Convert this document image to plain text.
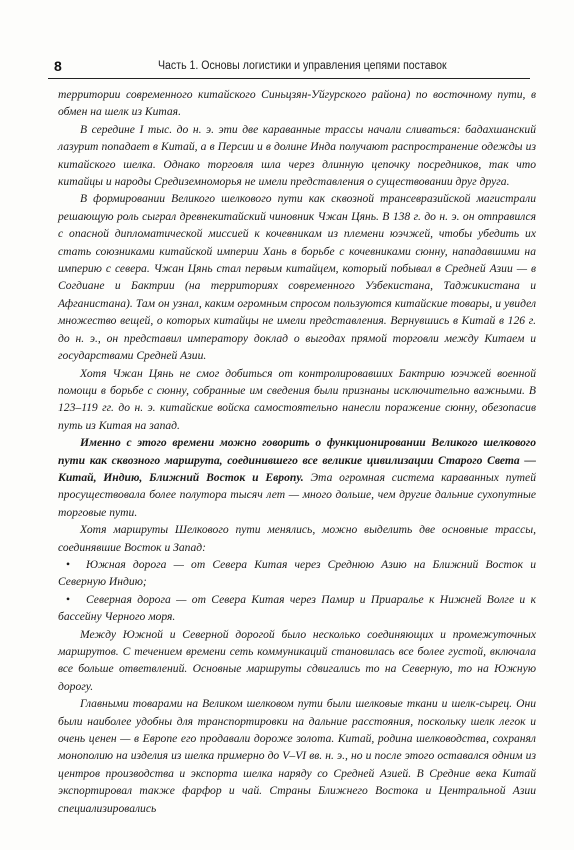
8	Часть 1. Основы логистики и управления цепями поставок

территории современного китайского Синьцзян-Уйгурского района) по восточному пути, в обмен на шелк из Китая.

В середине I тыс. до н. э. эти две караванные трассы начали сливаться: бадахшанский лазурит попадает в Китай, а в Персии и в долине Инда получают распространение одежды из китайского шелка. Однако торговля шла через длинную цепочку посредников, так что китайцы и народы Средиземноморья не имели представления о существовании друг друга.

В формировании Великого шелкового пути как сквозной трансевразийской магистрали решающую роль сыграл древнекитайский чиновник Чжан Цянь. В 138 г. до н. э. он отправился с опасной дипломатической миссией к кочевникам из племени юэчжей, чтобы убедить их стать союзниками китайской империи Хань в борьбе с кочевниками сюнну, нападавшими на империю с севера. Чжан Цянь стал первым китайцем, который побывал в Средней Азии — в Согдиане и Бактрии (на территориях современного Узбекистана, Таджикистана и Афганистана). Там он узнал, каким огромным спросом пользуются китайские товары, и увидел множество вещей, о которых китайцы не имели представления. Вернувшись в Китай в 126 г. до н. э., он представил императору доклад о выгодах прямой торговли между Китаем и государствами Средней Азии.

Хотя Чжан Цянь не смог добиться от контролировавших Бактрию юэчжей военной помощи в борьбе с сюнну, собранные им сведения были признаны исключительно важными. В 123–119 гг. до н. э. китайские войска самостоятельно нанесли поражение сюнну, обезопасив путь из Китая на запад.

Именно с этого времени можно говорить о функционировании Великого шелкового пути как сквозного маршрута, соединившего все великие цивилизации Старого Света — Китай, Индию, Ближний Восток и Европу. Эта огромная система караванных путей просуществовала более полутора тысяч лет — много дольше, чем другие дальние сухопутные торговые пути.

Хотя маршруты Шелкового пути менялись, можно выделить две основные трассы, соединявшие Восток и Запад:

• Южная дорога — от Севера Китая через Среднюю Азию на Ближний Восток и Северную Индию;

• Северная дорога — от Севера Китая через Памир и Приаралье к Нижней Волге и к бассейну Черного моря.

Между Южной и Северной дорогой было несколько соединяющих и промежуточных маршрутов. С течением времени сеть коммуникаций становилась все более густой, включала все больше ответвлений. Основные маршруты сдвигались то на Северную, то на Южную дорогу.

Главными товарами на Великом шелковом пути были шелковые ткани и шелк-сырец. Они были наиболее удобны для транспортировки на дальние расстояния, поскольку шелк легок и очень ценен — в Европе его продавали дороже золота. Китай, родина шелководства, сохранял монополию на изделия из шелка примерно до V–VI вв. н. э., но и после этого оставался одним из центров производства и экспорта шелка наряду со Средней Азией. В Средние века Китай экспортировал также фарфор и чай. Страны Ближнего Востока и Центральной Азии специализировались
